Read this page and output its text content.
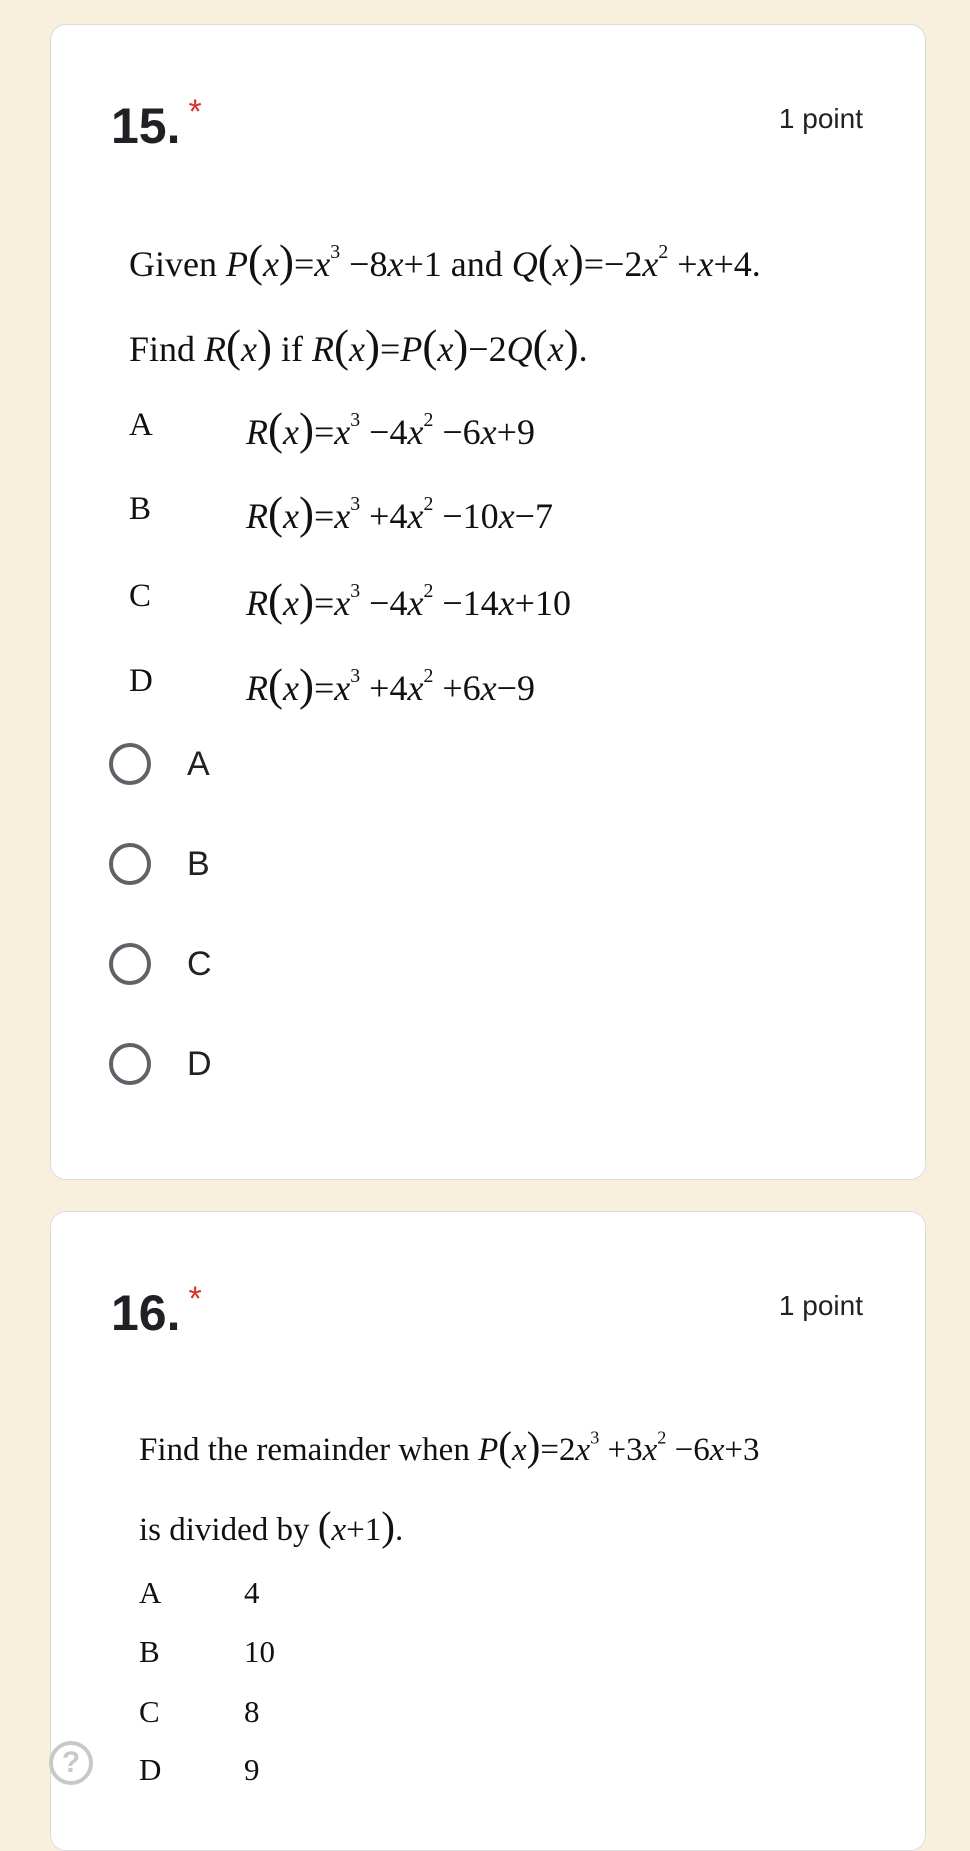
15. *	1 point
Given $P(x)=x^3 -8x+1$ and $Q(x)=-2x^2 +x+4$.
Find R(x) if R(x)=P(x)−2Q(x).
A	$R(x)=x^3 -4x^2 -6x+9$
B	$R(x)=x^3 +4x^2 -10x-7$
C	$R(x)=x^3 -4x^2 -14x+10$
D	$R(x)=x^3 +4x^2 +6x-9$
A
B
C
D
16. *	1 point
Find the remainder when $P(x)=2x^3 +3x^2 -6x+3$
is divided by (x+1).
A	4
B	10
C	8
D	9
?
